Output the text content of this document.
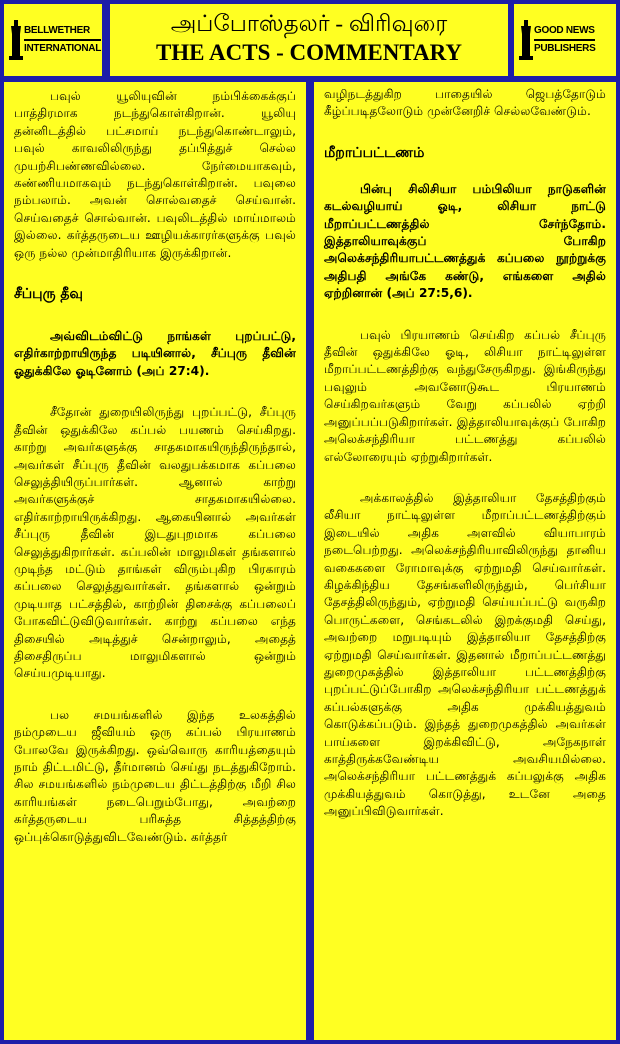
BELLWETHER
INTERNATIONAL
அப்போஸ்தலர் - விரிவுரை
THE ACTS - COMMENTARY
GOOD NEWS
PUBLISHERS

பவுல் யூலியுவின் நம்பிக்கைக்குப் பாத்திரமாக நடந்துகொள்கிறான். யூலியு தன்னிடத்தில் பட்சமாய் நடந்துகொண்டாலும், பவுல் காவலிலிருந்து தப்பித்துச் செல்ல முயற்சிபண்ணவில்லை. நேர்மையாகவும், கண்ணியமாகவும் நடந்துகொள்கிறான். பவுலை நம்பலாம். அவன் சொல்வதைச் செய்வான். செய்வதைச் சொல்வான். பவுலிடத்தில் மாய்மாலம் இல்லை. கர்த்தருடைய ஊழியக்காரர்களுக்கு பவுல் ஒரு நல்ல முன்மாதிரியாக இருக்கிறான்.

சீப்புரு தீவு

அவ்விடம்விட்டு நாங்கள் புறப்பட்டு, எதிர்காற்றாயிருந்த படியினால், சீப்புரு தீவின் ஓதுக்கிலே ஓடினோம் (அப் 27:4).

சீதோன் துறையிலிருந்து புறப்பட்டு, சீப்புரு தீவின் ஒதுக்கிலே கப்பல் பயணம் செய்கிறது. காற்று அவர்களுக்கு சாதகமாகயிருந்திருந்தால், அவர்கள் சீப்புரு தீவின் வலதுபக்கமாக கப்பலை செலுத்தியிருப்பார்கள். ஆனால் காற்று அவர்களுக்குச் சாதகமாகயில்லை. எதிர்காற்றாயிருக்கிறது. ஆகையினால் அவர்கள் சீப்புரு தீவின் இடதுபுறமாக கப்பலை செலுத்துகிறார்கள். கப்பலின் மாலுமிகள் தங்களால் முடிந்த மட்டும் தாங்கள் விரும்புகிற பிரகாரம் கப்பலை செலுத்துவார்கள். தங்களால் ஒன்றும் முடியாத பட்சத்தில், காற்றின் திசைக்கு கப்பலைப் போகவிட்டுவிடுவார்கள். காற்று கப்பலை எந்த திசையில் அடித்துச் சென்றாலும், அதைத் திசைதிருப்ப மாலுமிகளால் ஒன்றும் செய்யமுடியாது.

பல சமயங்களில் இந்த உலகத்தில் நம்முடைய ஜீவியம் ஒரு கப்பல் பிரயாணம் போலவே இருக்கிறது. ஒவ்வொரு காரியத்தையும் நாம் திட்டமிட்டு, தீர்மானம் செய்து நடத்துகிறோம். சில சமயங்களில் நம்முடைய திட்டத்திற்கு மீறி சில காரியங்கள் நடைபெறும்போது, அவற்றை கர்த்தருடைய பரிசுத்த சித்தத்திற்கு ஒப்புக்கொடுத்துவிடவேண்டும். கர்த்தர்

வழிநடத்துகிற பாதையில் ஜெபத்தோடும் கீழ்ப்படிதலோடும் முன்னேறிச் செல்லவேண்டும்.

மீறாப்பட்டணம்

பின்பு சிலிசியா பம்பிலியா நாடுகளின் கடல்வழியாய் ஓடி, லிசியா நாட்டு மீறாப்பட்டணத்தில் சேர்ந்தோம். இத்தாலியாவுக்குப் போகிற அலெக்சந்திரியாபட்டணத்துக் கப்பலை நூற்றுக்கு அதிபதி அங்கே கண்டு, எங்களை அதில் ஏற்றினான் (அப் 27:5,6).

பவுல் பிரயாணம் செய்கிற கப்பல் சீப்புரு தீவின் ஒதுக்கிலே ஓடி, லிசியா நாட்டிலுள்ள மீறாப்பட்டணத்திற்கு வந்துசேருகிறது. இங்கிருந்து பவுலும் அவனோடுகூட பிரயாணம் செய்கிறவர்களும் வேறு கப்பலில் ஏற்றி அனுப்பப்படுகிறார்கள். இத்தாலியாவுக்குப் போகிற அலெக்சந்திரியா பட்டணத்து கப்பலில் எல்லோரையும் ஏற்றுகிறார்கள்.

அக்காலத்தில் இத்தாலியா தேசத்திற்கும் லீசியா நாட்டிலுள்ள மீறாப்பட்டணத்திற்கும் இடையில் அதிக அளவில் வியாபாரம் நடைபெற்றது. அலெக்சந்திரியாவிலிருந்து தானிய வகைகளை ரோமாவுக்கு ஏற்றுமதி செய்வார்கள். கிழக்கிந்திய தேசங்களிலிருந்தும், பெர்சியா தேசத்திலிருந்தும், ஏற்றுமதி செய்யப்பட்டு வருகிற பொருட்களை, செங்கடலில் இறக்குமதி செய்து, அவற்றை மறுபடியும் இத்தாலியா தேசத்திற்கு ஏற்றுமதி செய்வார்கள். இதனால் மீறாப்பட்டணத்து துறைமுகத்தில் இத்தாலியா பட்டணத்திற்கு புறப்பட்டுப்போகிற அலெக்சந்திரியா பட்டணத்துக் கப்பல்களுக்கு அதிக முக்கியத்துவம் கொடுக்கப்படும். இந்தத் துறைமுகத்தில் அவர்கள் பாய்களை இறக்கிவிட்டு, அநேகநாள் காத்திருக்கவேண்டிய அவசியமில்லை. அலெக்சந்திரியா பட்டணத்துக் கப்பலுக்கு அதிக முக்கியத்துவம் கொடுத்து, உடனே அதை அனுப்பிவிடுவார்கள்.
